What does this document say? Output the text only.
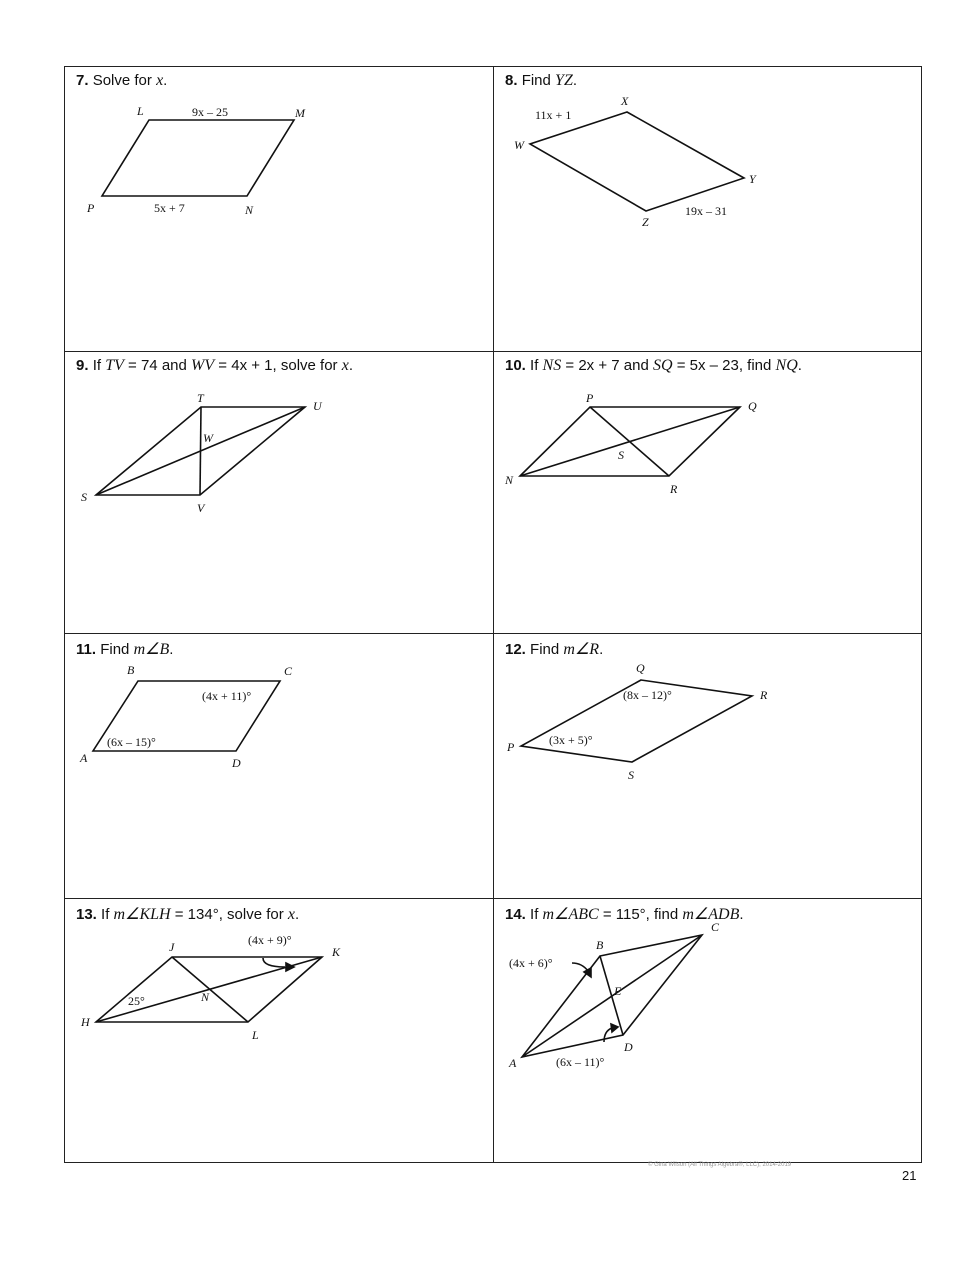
7. Solve for x.
L	M
N
P
9x – 25
5x + 7
8. Find YZ.
X
W
Y
Z
11x + 1
19x – 31
9. If TV = 74 and WV = 4x + 1, solve for x.
T
U
W
S
V
10. If NS = 2x + 7 and SQ = 5x – 23, find NQ.
P
Q
S
N
R
11. Find m∠B.
B	C
A	D
(4x + 11)°
(6x – 15)°
12. Find m∠R.
Q
R
P
S
(8x – 12)°
(3x + 5)°
13. If m∠KLH = 134°, solve for x.
J	K
H
N
L
(4x + 9)°
25°
14. If m∠ABC = 115°, find m∠ADB.
B
C
A
D
E
(4x + 6)°
(6x – 11)°
© Gina Wilson (All Things Algebra®, LLC), 2014-2019
21
